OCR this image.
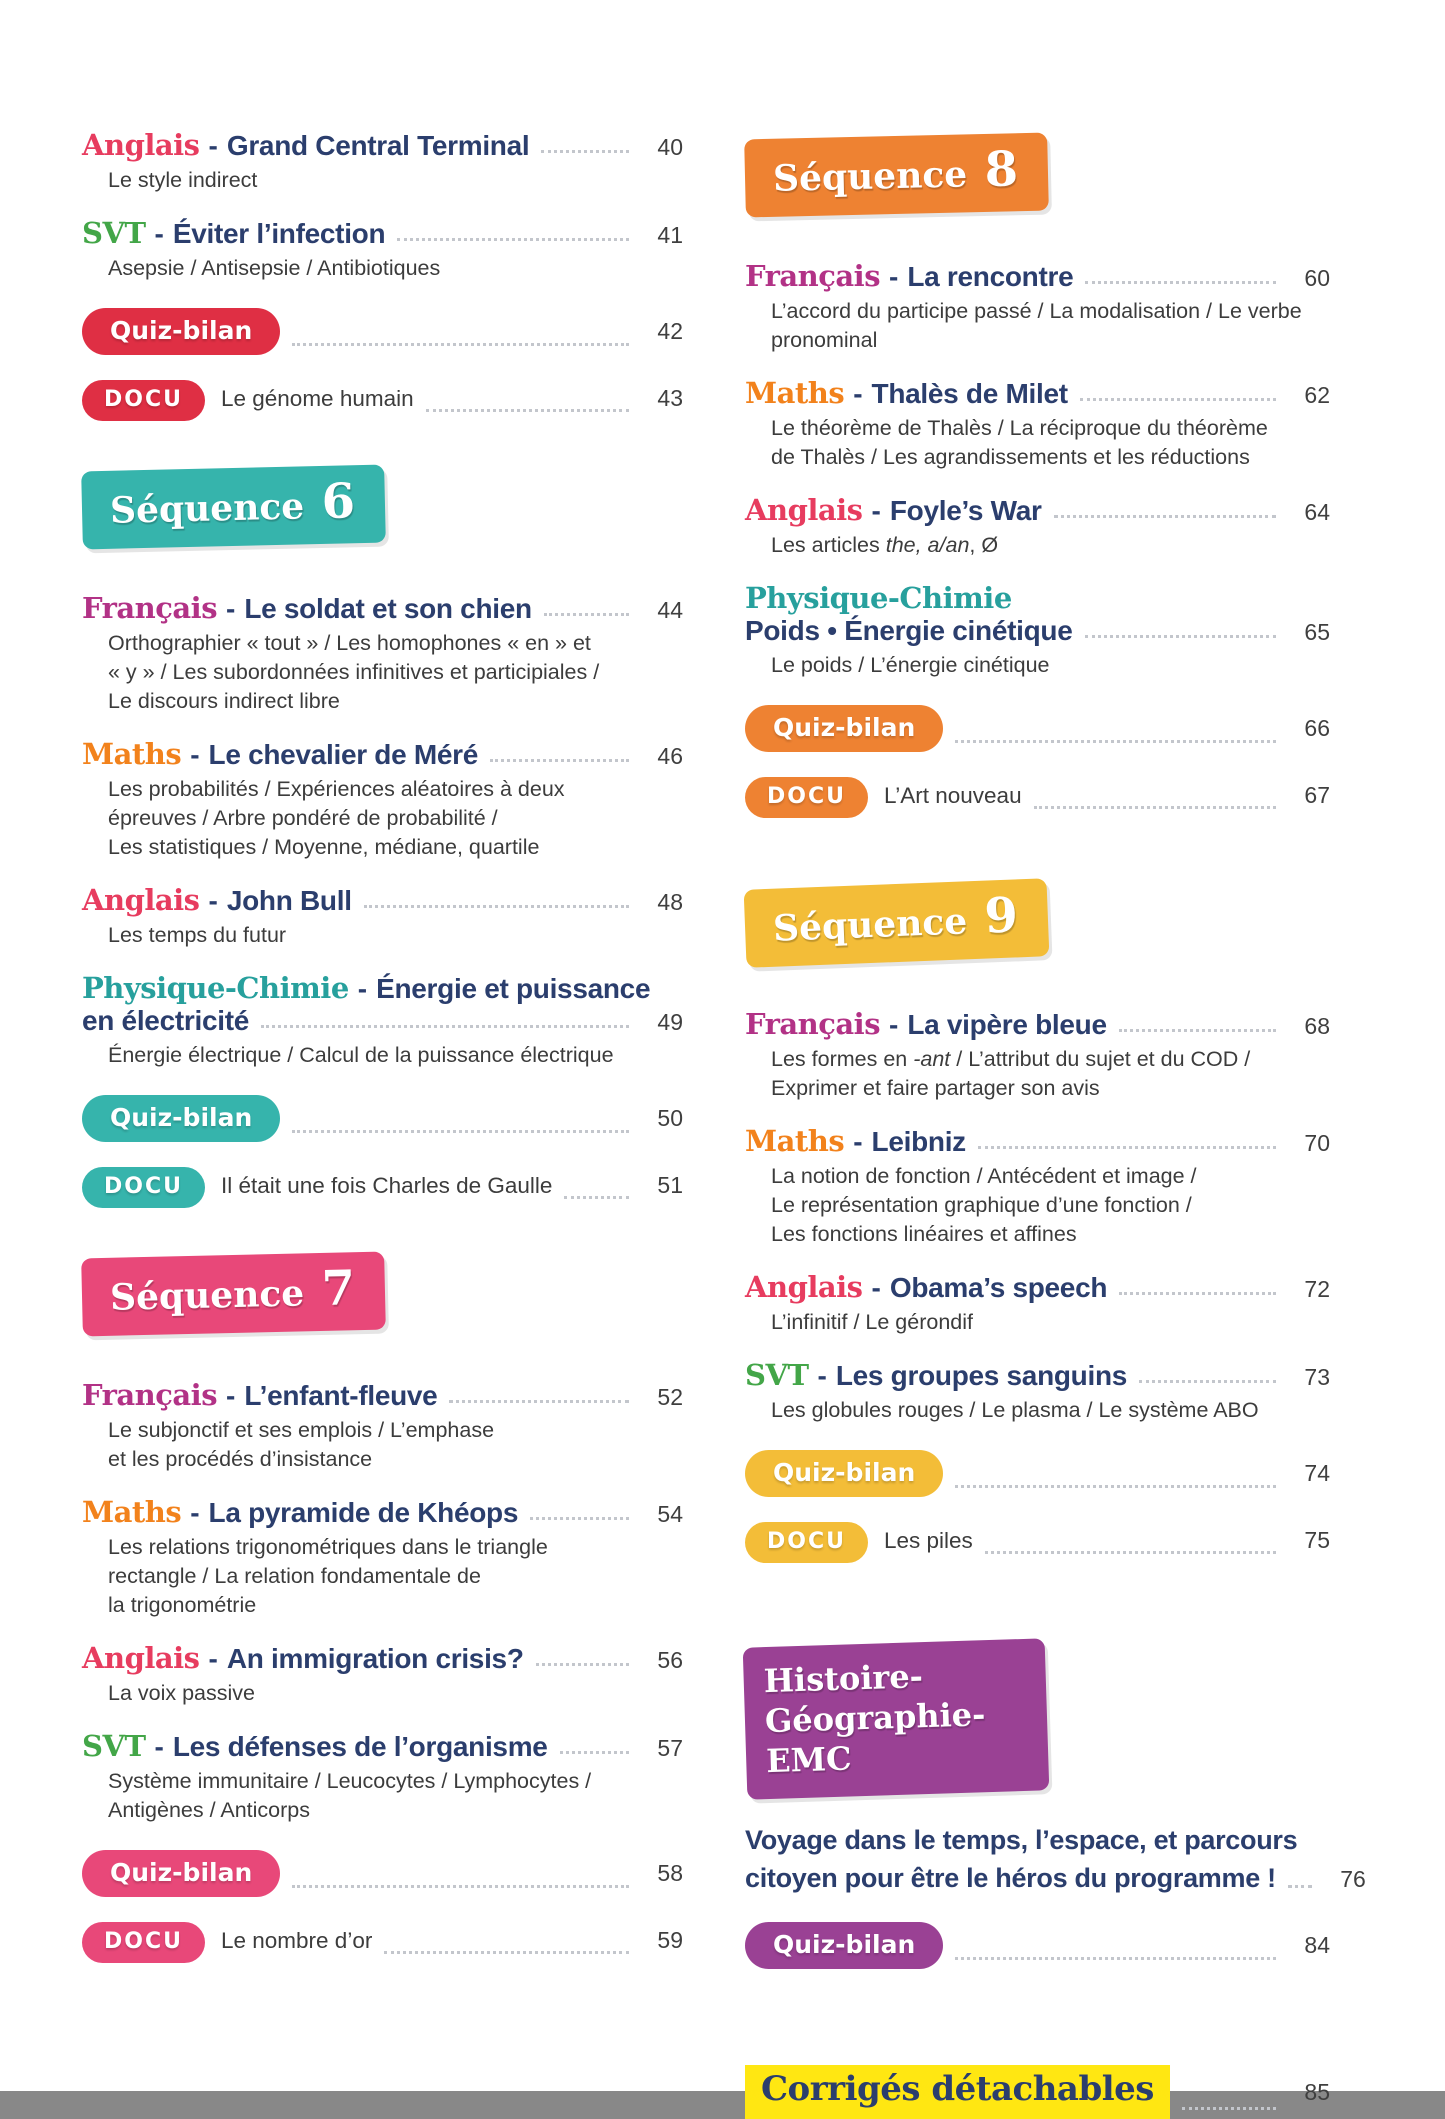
Anglais - Grand Central Terminal	40
Le style indirect
SVT - Éviter l’infection	41
Asepsie / Antisepsie / Antibiotiques
Quiz-bilan	42
DOCU	Le génome humain	43
Séquence 6
Français - Le soldat et son chien	44
Orthographier « tout » / Les homophones « en » et
« y » / Les subordonnées infinitives et participiales /
Le discours indirect libre
Maths - Le chevalier de Méré	46
Les probabilités / Expériences aléatoires à deux
épreuves / Arbre pondéré de probabilité /
Les statistiques / Moyenne, médiane, quartile
Anglais - John Bull	48
Les temps du futur
Physique-Chimie - Énergie et puissance
en électricité	49
Énergie électrique / Calcul de la puissance électrique
Quiz-bilan	50
DOCU	Il était une fois Charles de Gaulle	51
Séquence 7
Français - L’enfant-fleuve	52
Le subjonctif et ses emplois / L’emphase
et les procédés d’insistance
Maths - La pyramide de Khéops	54
Les relations trigonométriques dans le triangle
rectangle / La relation fondamentale de
la trigonométrie
Anglais - An immigration crisis?	56
La voix passive
SVT - Les défenses de l’organisme	57
Système immunitaire / Leucocytes / Lymphocytes /
Antigènes / Anticorps
Quiz-bilan	58
DOCU	Le nombre d’or	59
Séquence 8
Français - La rencontre	60
L’accord du participe passé / La modalisation / Le verbe
pronominal
Maths - Thalès de Milet	62
Le théorème de Thalès / La réciproque du théorème
de Thalès / Les agrandissements et les réductions
Anglais - Foyle’s War	64
Les articles the, a/an, Ø
Physique-Chimie
Poids • Énergie cinétique	65
Le poids / L’énergie cinétique
Quiz-bilan	66
DOCU	L’Art nouveau	67
Séquence 9
Français - La vipère bleue	68
Les formes en -ant / L’attribut du sujet et du COD /
Exprimer et faire partager son avis
Maths - Leibniz	70
La notion de fonction / Antécédent et image /
Le représentation graphique d’une fonction /
Les fonctions linéaires et affines
Anglais - Obama’s speech	72
L’infinitif / Le gérondif
SVT - Les groupes sanguins	73
Les globules rouges / Le plasma / Le système ABO
Quiz-bilan	74
DOCU	Les piles	75
Histoire-Géographie-
EMC
Voyage dans le temps, l’espace, et parcours
citoyen pour être le héros du programme !	76
Quiz-bilan	84
Corrigés détachables	85
